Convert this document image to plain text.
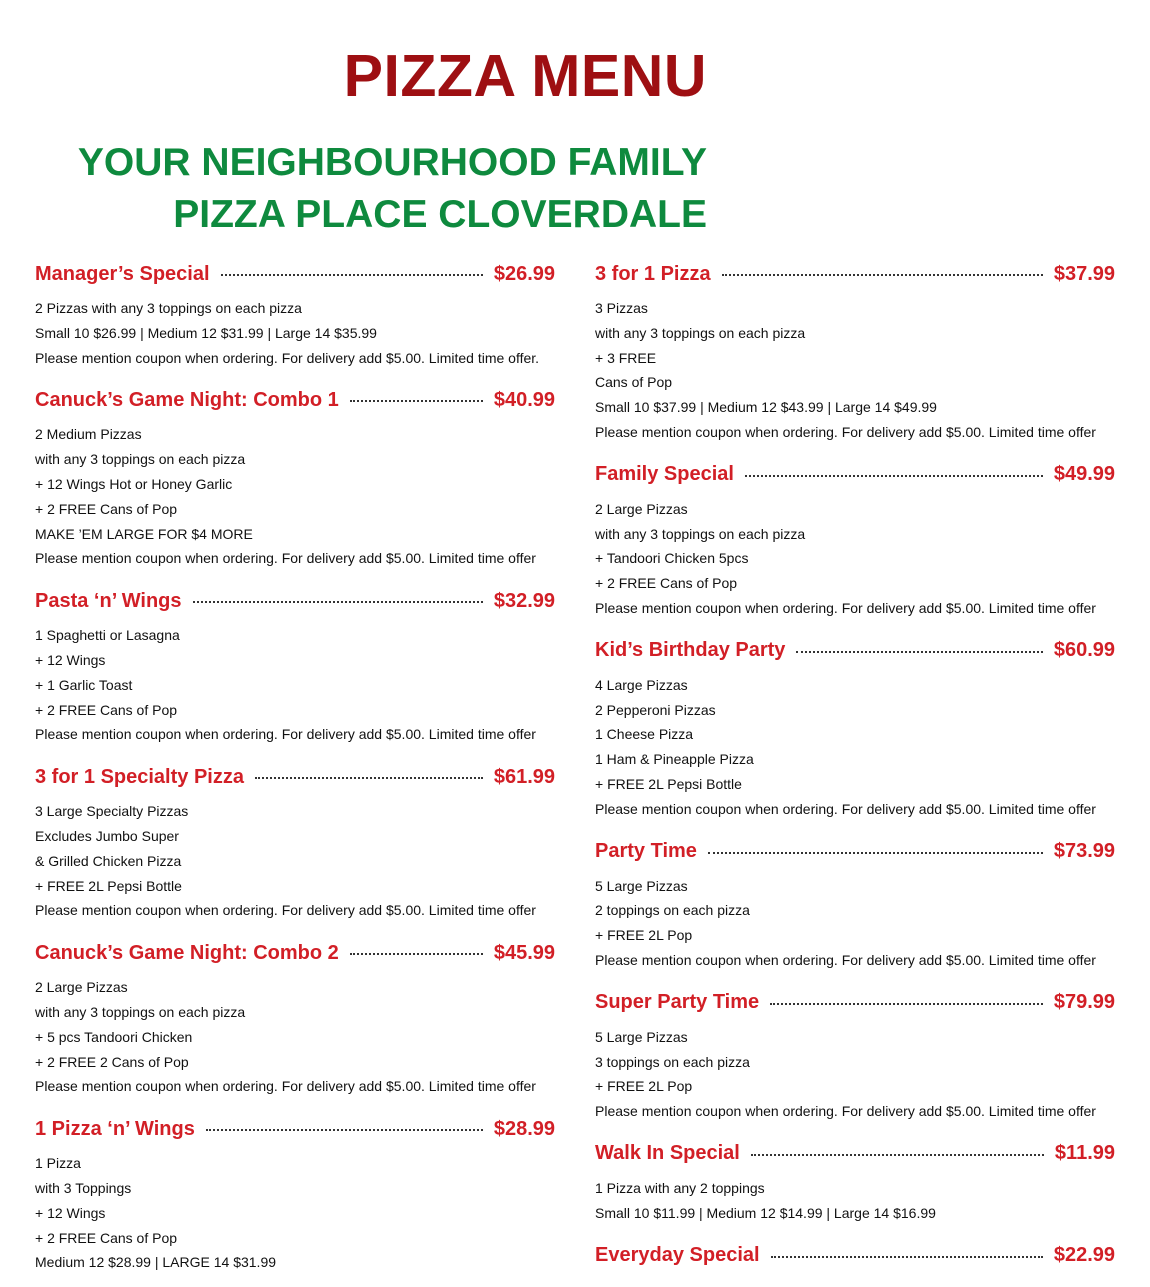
PIZZA MENU
YOUR NEIGHBOURHOOD FAMILY
PIZZA PLACE CLOVERDALE
Manager’s Special	$26.99
2 Pizzas with any 3 toppings on each pizza
Small 10 $26.99 | Medium 12 $31.99 | Large 14 $35.99
Please mention coupon when ordering. For delivery add $5.00. Limited time offer.
Canuck’s Game Night: Combo 1	$40.99
2 Medium Pizzas
with any 3 toppings on each pizza
+ 12 Wings Hot or Honey Garlic
+ 2 FREE Cans of Pop
MAKE ’EM LARGE FOR $4 MORE
Please mention coupon when ordering. For delivery add $5.00. Limited time offer
Pasta ‘n’ Wings	$32.99
1 Spaghetti or Lasagna
+ 12 Wings
+ 1 Garlic Toast
+ 2 FREE Cans of Pop
Please mention coupon when ordering. For delivery add $5.00. Limited time offer
3 for 1 Specialty Pizza	$61.99
3 Large Specialty Pizzas
Excludes Jumbo Super
& Grilled Chicken Pizza
+ FREE 2L Pepsi Bottle
Please mention coupon when ordering. For delivery add $5.00. Limited time offer
Canuck’s Game Night: Combo 2	$45.99
2 Large Pizzas
with any 3 toppings on each pizza
+ 5 pcs Tandoori Chicken
+ 2 FREE 2 Cans of Pop
Please mention coupon when ordering. For delivery add $5.00. Limited time offer
1 Pizza ‘n’ Wings	$28.99
1 Pizza
with 3 Toppings
+ 12 Wings
+ 2 FREE Cans of Pop
Medium 12 $28.99 | LARGE 14 $31.99
3 for 1 Pizza	$37.99
3 Pizzas
with any 3 toppings on each pizza
+ 3 FREE
Cans of Pop
Small 10 $37.99 | Medium 12 $43.99 | Large 14 $49.99
Please mention coupon when ordering. For delivery add $5.00. Limited time offer
Family Special	$49.99
2 Large Pizzas
with any 3 toppings on each pizza
+ Tandoori Chicken 5pcs
+ 2 FREE Cans of Pop
Please mention coupon when ordering. For delivery add $5.00. Limited time offer
Kid’s Birthday Party	$60.99
4 Large Pizzas
2 Pepperoni Pizzas
1 Cheese Pizza
1 Ham & Pineapple Pizza
+ FREE 2L Pepsi Bottle
Please mention coupon when ordering. For delivery add $5.00. Limited time offer
Party Time	$73.99
5 Large Pizzas
2 toppings on each pizza
+ FREE 2L Pop
Please mention coupon when ordering. For delivery add $5.00. Limited time offer
Super Party Time	$79.99
5 Large Pizzas
3 toppings on each pizza
+ FREE 2L Pop
Please mention coupon when ordering. For delivery add $5.00. Limited time offer
Walk In Special	$11.99
1 Pizza with any 2 toppings
Small 10 $11.99 | Medium 12 $14.99 | Large 14 $16.99
Everyday Special	$22.99
